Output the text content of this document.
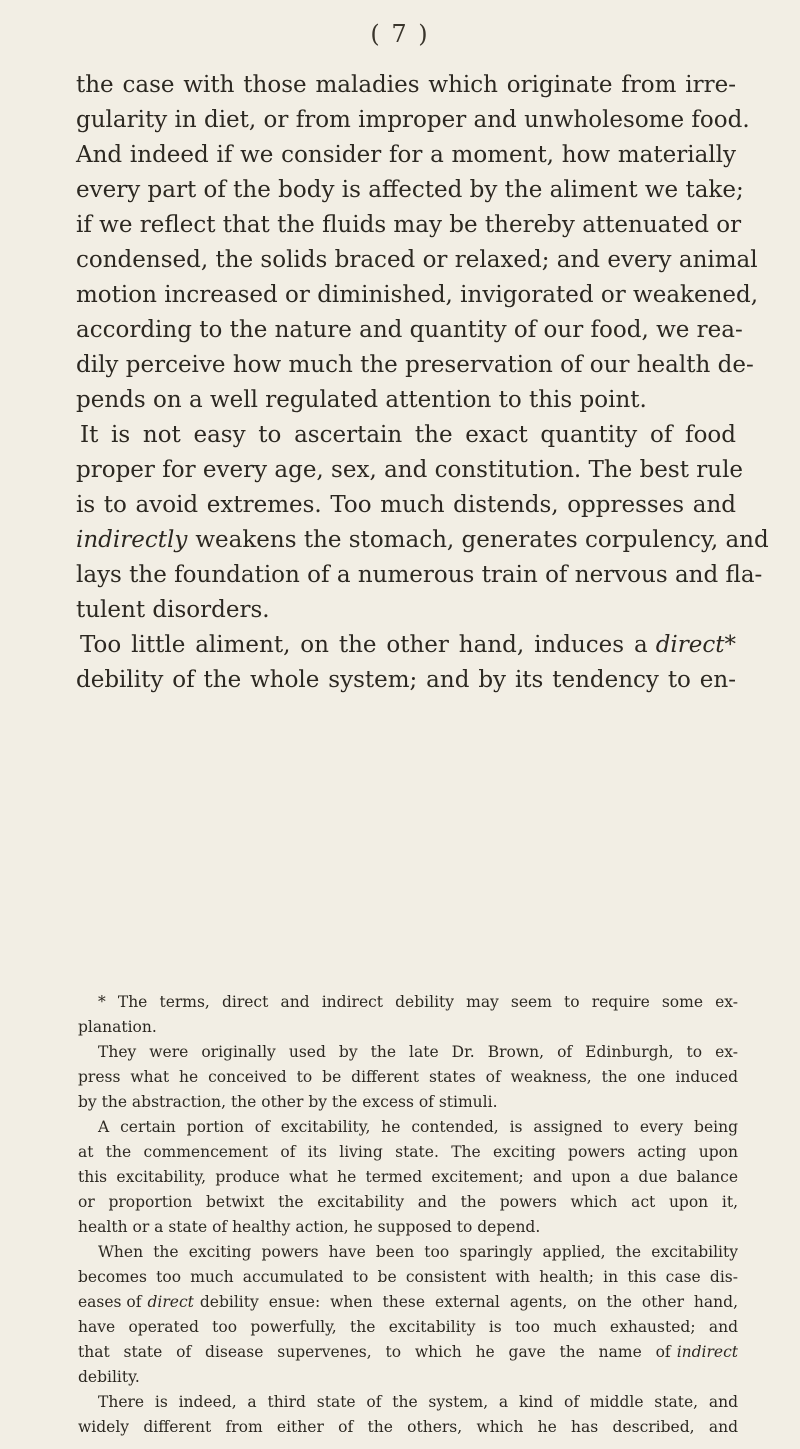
( 7 )
the case with those maladies which originate from irre-
gularity in diet, or from improper and unwholesome food.
And indeed if we consider for a moment, how materially
every part of the body is affected by the aliment we take;
if we reflect that the fluids may be thereby attenuated or
condensed, the solids braced or relaxed; and every animal
motion increased or diminished, invigorated or weakened,
according to the nature and quantity of our food, we rea-
dily perceive how much the preservation of our health de-
pends on a well regulated attention to this point.
It is not easy to ascertain the exact quantity of food
proper for every age, sex, and constitution. The best rule
is to avoid extremes. Too much distends, oppresses and
indirectly weakens the stomach, generates corpulency, and
lays the foundation of a numerous train of nervous and fla-
tulent disorders.
Too little aliment, on the other hand, induces a direct*
debility of the whole system; and by its tendency to en-
* The terms, direct and indirect debility may seem to require some ex-
planation.
They were originally used by the late Dr. Brown, of Edinburgh, to ex-
press what he conceived to be different states of weakness, the one induced
by the abstraction, the other by the excess of stimuli.
A certain portion of excitability, he contended, is assigned to every being
at the commencement of its living state. The exciting powers acting upon
this excitability, produce what he termed excitement; and upon a due balance
or proportion betwixt the excitability and the powers which act upon it,
health or a state of healthy action, he supposed to depend.
When the exciting powers have been too sparingly applied, the excitability
becomes too much accumulated to be consistent with health; in this case dis-
eases of direct debility ensue: when these external agents, on the other hand,
have operated too powerfully, the excitability is too much exhausted; and
that state of disease supervenes, to which he gave the name of indirect
debility.
There is indeed, a third state of the system, a kind of middle state, and
widely different from either of the others, which he has described, and
